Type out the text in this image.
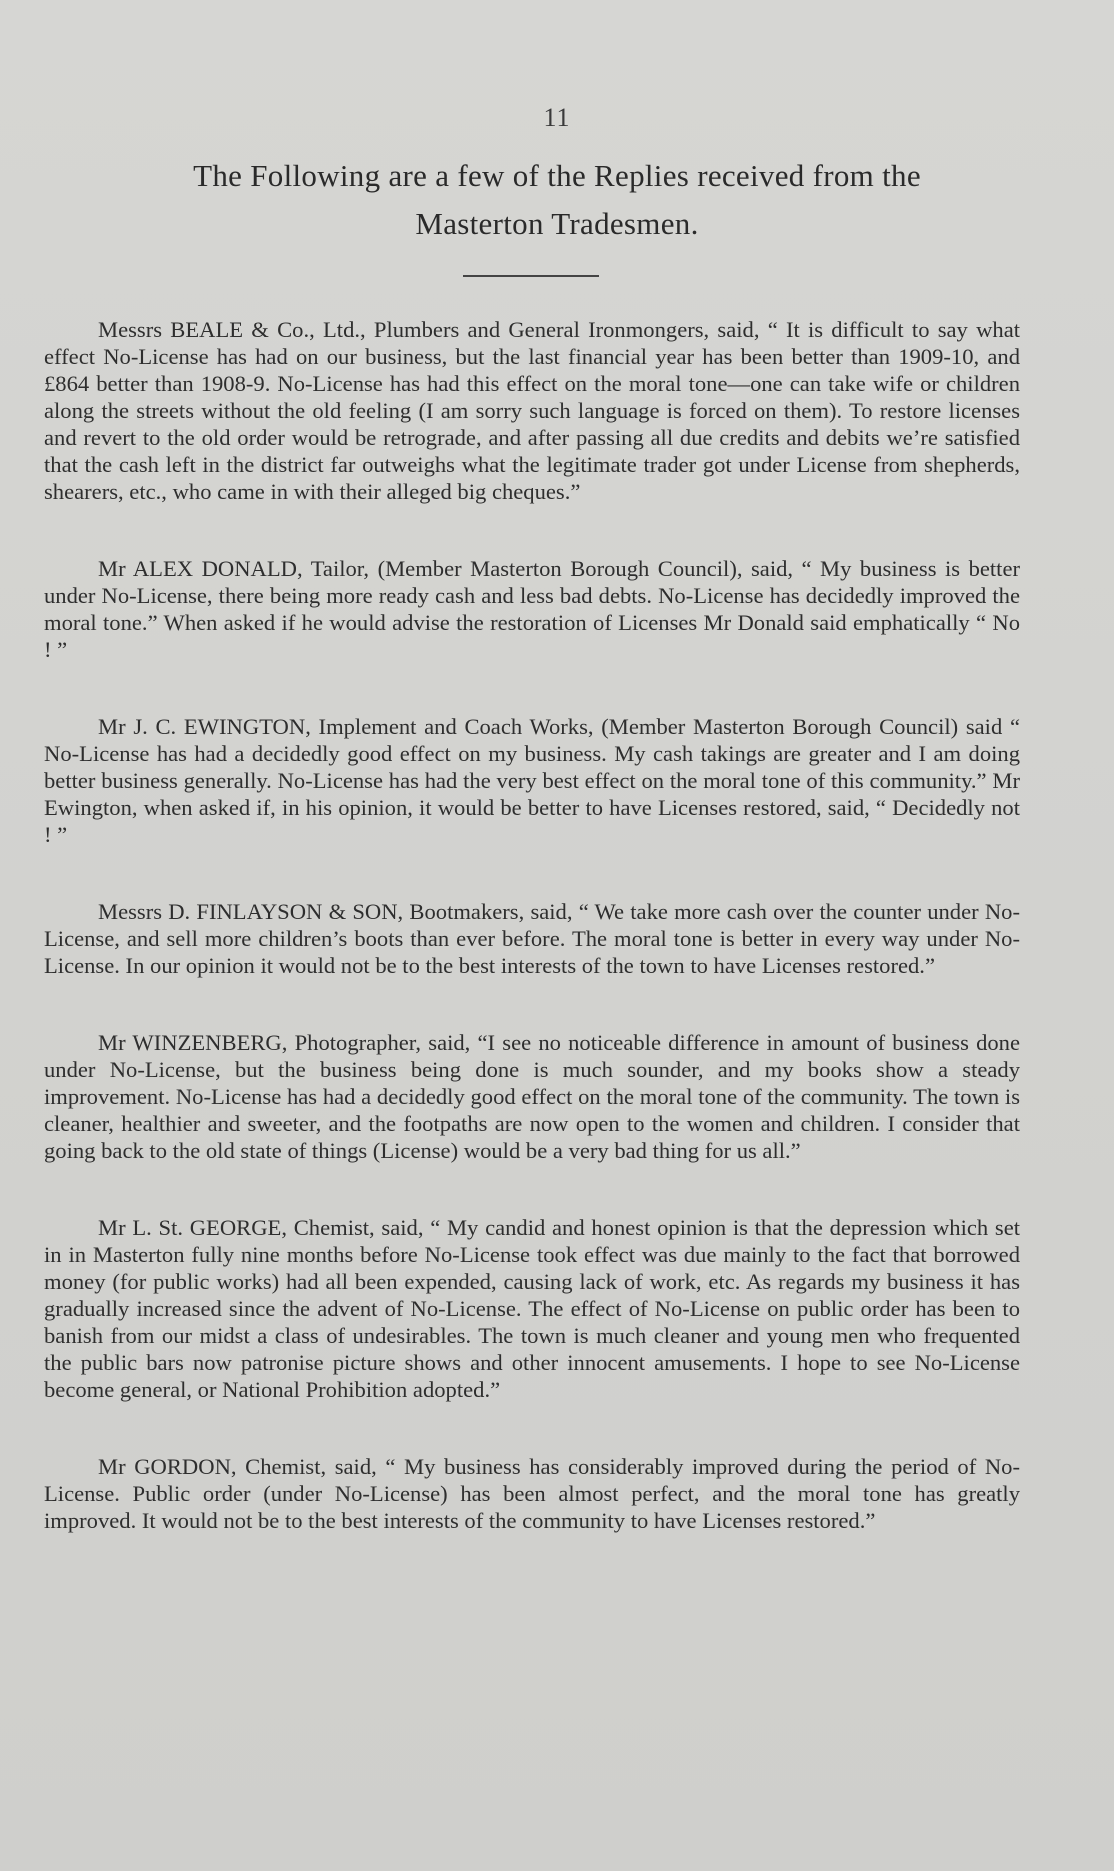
11
The Following are a few of the Replies received from the
Masterton Tradesmen.

Messrs BEALE & Co., Ltd., Plumbers and General Ironmongers, said, “ It is difficult to say what effect No-License has had on our business, but the last financial year has been better than 1909-10, and £864 better than 1908-9. No-License has had this effect on the moral tone—one can take wife or children along the streets without the old feeling (I am sorry such language is forced on them). To restore licenses and revert to the old order would be retrograde, and after passing all due credits and debits we’re satisfied that the cash left in the district far outweighs what the legitimate trader got under License from shepherds, shearers, etc., who came in with their alleged big cheques.”

Mr ALEX DONALD, Tailor, (Member Masterton Borough Council), said, “ My business is better under No-License, there being more ready cash and less bad debts. No-License has decidedly improved the moral tone.” When asked if he would advise the restoration of Licenses Mr Donald said emphatically “ No ! ”

Mr J. C. EWINGTON, Implement and Coach Works, (Member Masterton Borough Council) said “ No-License has had a decidedly good effect on my business. My cash takings are greater and I am doing better business generally. No-License has had the very best effect on the moral tone of this community.” Mr Ewington, when asked if, in his opinion, it would be better to have Licenses restored, said, “ Decidedly not ! ”

Messrs D. FINLAYSON & SON, Bootmakers, said, “ We take more cash over the counter under No-License, and sell more children’s boots than ever before. The moral tone is better in every way under No-License. In our opinion it would not be to the best interests of the town to have Licenses restored.”

Mr WINZENBERG, Photographer, said, “I see no noticeable difference in amount of business done under No-License, but the business being done is much sounder, and my books show a steady improvement. No-License has had a decidedly good effect on the moral tone of the community. The town is cleaner, healthier and sweeter, and the footpaths are now open to the women and children. I consider that going back to the old state of things (License) would be a very bad thing for us all.”

Mr L. St. GEORGE, Chemist, said, “ My candid and honest opinion is that the depression which set in in Masterton fully nine months before No-License took effect was due mainly to the fact that borrowed money (for public works) had all been expended, causing lack of work, etc. As regards my business it has gradually increased since the advent of No-License. The effect of No-License on public order has been to banish from our midst a class of undesirables. The town is much cleaner and young men who frequented the public bars now patronise picture shows and other innocent amusements. I hope to see No-License become general, or National Prohibition adopted.”

Mr GORDON, Chemist, said, “ My business has considerably improved during the period of No-License. Public order (under No-License) has been almost perfect, and the moral tone has greatly improved. It would not be to the best interests of the community to have Licenses restored.”
